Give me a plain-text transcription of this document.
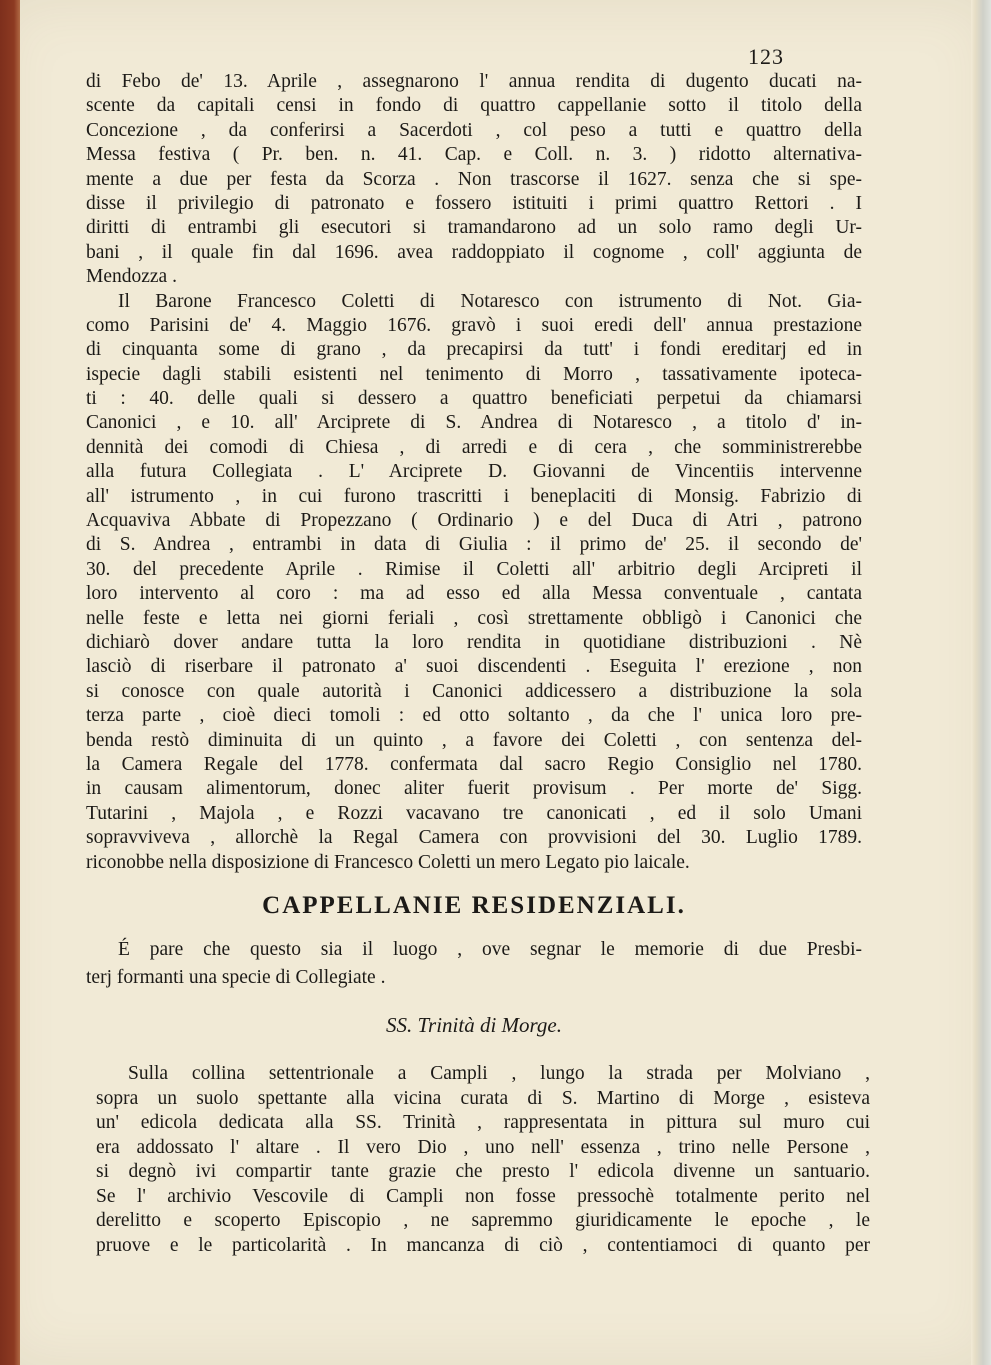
123
di Febo de' 13. Aprile , assegnarono l' annua rendita di dugento ducati na-
scente da capitali censi in fondo di quattro cappellanie sotto il titolo della
Concezione , da conferirsi a Sacerdoti , col peso a tutti e quattro della
Messa festiva ( Pr. ben. n. 41. Cap. e Coll. n. 3. ) ridotto alternativa-
mente a due per festa da Scorza . Non trascorse il 1627. senza che si spe-
disse il privilegio di patronato e fossero istituiti i primi quattro Rettori . I
diritti di entrambi gli esecutori si tramandarono ad un solo ramo degli Ur-
bani , il quale fin dal 1696. avea raddoppiato il cognome , coll' aggiunta de
Mendozza .
Il Barone Francesco Coletti di Notaresco con istrumento di Not. Gia-
como Parisini de' 4. Maggio 1676. gravò i suoi eredi dell' annua prestazione
di cinquanta some di grano , da precapirsi da tutt' i fondi ereditarj ed in
ispecie dagli stabili esistenti nel tenimento di Morro , tassativamente ipoteca-
ti : 40. delle quali si dessero a quattro beneficiati perpetui da chiamarsi
Canonici , e 10. all' Arciprete di S. Andrea di Notaresco , a titolo d' in-
dennità dei comodi di Chiesa , di arredi e di cera , che somministrerebbe
alla futura Collegiata . L' Arciprete D. Giovanni de Vincentiis intervenne
all' istrumento , in cui furono trascritti i beneplaciti di Monsig. Fabrizio di
Acquaviva Abbate di Propezzano ( Ordinario ) e del Duca di Atri , patrono
di S. Andrea , entrambi in data di Giulia : il primo de' 25. il secondo de'
30. del precedente Aprile . Rimise il Coletti all' arbitrio degli Arcipreti il
loro intervento al coro : ma ad esso ed alla Messa conventuale , cantata
nelle feste e letta nei giorni feriali , così strettamente obbligò i Canonici che
dichiarò dover andare tutta la loro rendita in quotidiane distribuzioni . Nè
lasciò di riserbare il patronato a' suoi discendenti . Eseguita l' erezione , non
si conosce con quale autorità i Canonici addicessero a distribuzione la sola
terza parte , cioè dieci tomoli : ed otto soltanto , da che l' unica loro pre-
benda restò diminuita di un quinto , a favore dei Coletti , con sentenza del-
la Camera Regale del 1778. confermata dal sacro Regio Consiglio nel 1780.
in causam alimentorum, donec aliter fuerit provisum . Per morte de' Sigg.
Tutarini , Majola , e Rozzi vacavano tre canonicati , ed il solo Umani
sopravviveva , allorchè la Regal Camera con provvisioni del 30. Luglio 1789.
riconobbe nella disposizione di Francesco Coletti un mero Legato pio laicale.
CAPPELLANIE RESIDENZIALI.
É pare che questo sia il luogo , ove segnar le memorie di due Presbi-
terj formanti una specie di Collegiate .
SS. Trinità di Morge.
Sulla collina settentrionale a Campli , lungo la strada per Molviano ,
sopra un suolo spettante alla vicina curata di S. Martino di Morge , esisteva
un' edicola dedicata alla SS. Trinità , rappresentata in pittura sul muro cui
era addossato l' altare . Il vero Dio , uno nell' essenza , trino nelle Persone ,
si degnò ivi compartir tante grazie che presto l' edicola divenne un santuario.
Se l' archivio Vescovile di Campli non fosse pressochè totalmente perito nel
derelitto e scoperto Episcopio , ne sapremmo giuridicamente le epoche , le
pruove e le particolarità . In mancanza di ciò , contentiamoci di quanto per
